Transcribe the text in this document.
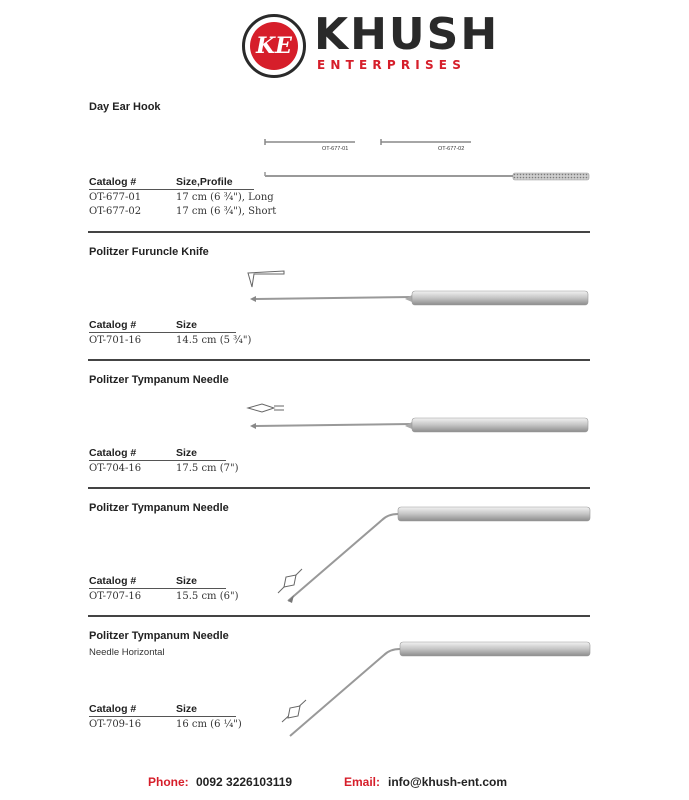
KE KHUSH
ENTERPRISES
Day Ear Hook
OT-677-01	OT-677-02
Catalog #	Size,Profile
OT-677-01	17 cm (6 ¾"), Long
OT-677-02	17 cm (6 ¾"), Short
Politzer Furuncle Knife
Catalog #	Size
OT-701-16	14.5 cm (5 ¾")
Politzer Tympanum Needle
Catalog #	Size
OT-704-16	17.5 cm (7")
Politzer Tympanum Needle
Catalog #	Size
OT-707-16	15.5 cm (6")
Politzer Tympanum Needle
Needle Horizontal
Catalog #	Size
OT-709-16	16 cm (6 ¼")
Phone: 0092 3226103119	Email: info@khush-ent.com
